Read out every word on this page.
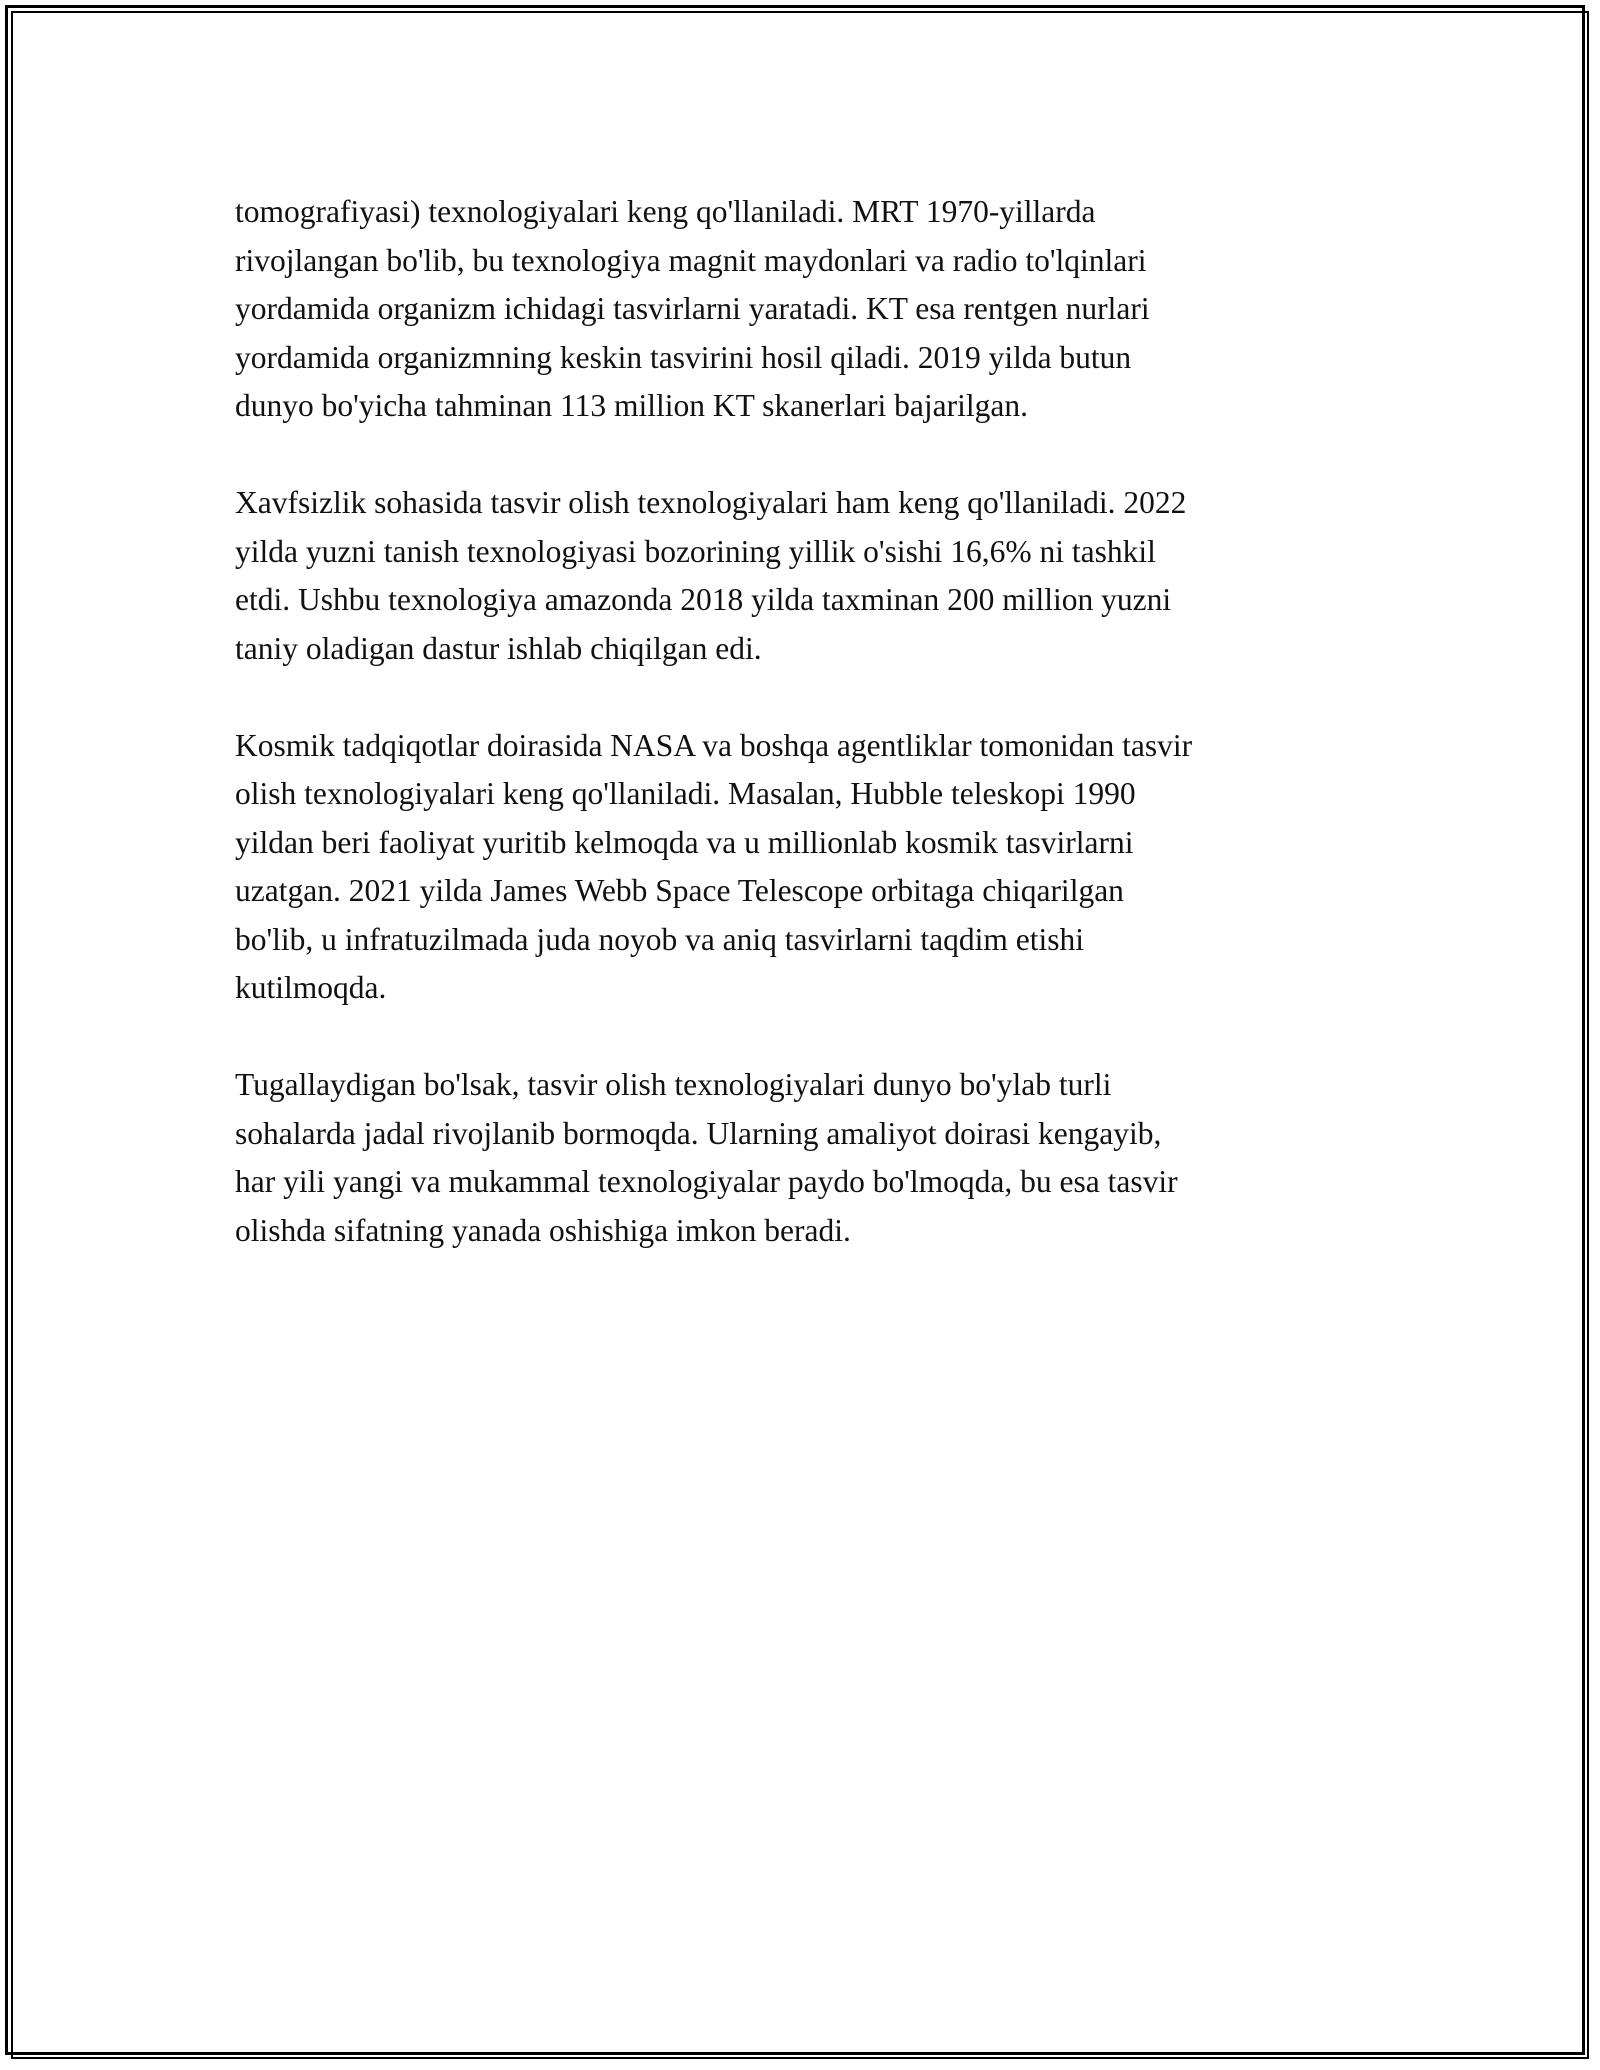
tomografiyasi) texnologiyalari keng qo'llaniladi. MRT 1970-yillarda
rivojlangan bo'lib, bu texnologiya magnit maydonlari va radio to'lqinlari
yordamida organizm ichidagi tasvirlarni yaratadi. KT esa rentgen nurlari
yordamida organizmning keskin tasvirini hosil qiladi. 2019 yilda butun
dunyo bo'yicha tahminan 113 million KT skanerlari bajarilgan.

Xavfsizlik sohasida tasvir olish texnologiyalari ham keng qo'llaniladi. 2022
yilda yuzni tanish texnologiyasi bozorining yillik o'sishi 16,6% ni tashkil
etdi. Ushbu texnologiya amazonda 2018 yilda taxminan 200 million yuzni
taniy oladigan dastur ishlab chiqilgan edi.

Kosmik tadqiqotlar doirasida NASA va boshqa agentliklar tomonidan tasvir
olish texnologiyalari keng qo'llaniladi. Masalan, Hubble teleskopi 1990
yildan beri faoliyat yuritib kelmoqda va u millionlab kosmik tasvirlarni
uzatgan. 2021 yilda James Webb Space Telescope orbitaga chiqarilgan
bo'lib, u infratuzilmada juda noyob va aniq tasvirlarni taqdim etishi
kutilmoqda.

Tugallaydigan bo'lsak, tasvir olish texnologiyalari dunyo bo'ylab turli
sohalarda jadal rivojlanib bormoqda. Ularning amaliyot doirasi kengayib,
har yili yangi va mukammal texnologiyalar paydo bo'lmoqda, bu esa tasvir
olishda sifatning yanada oshishiga imkon beradi.
